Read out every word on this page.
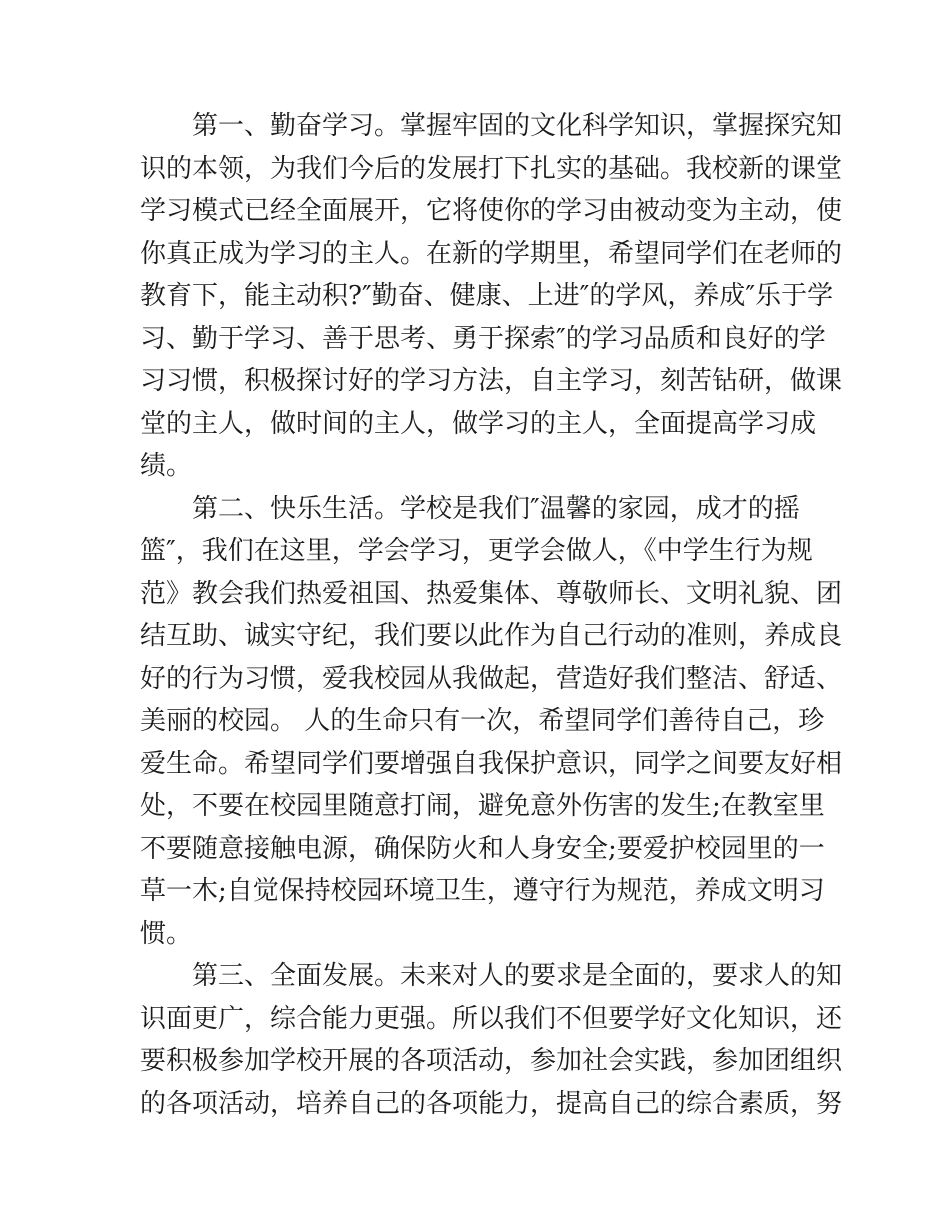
第一、勤奋学习。掌握牢固的文化科学知识，掌握探究知
识的本领，为我们今后的发展打下扎实的基础。我校新的课堂
学习模式已经全面展开，它将使你的学习由被动变为主动，使
你真正成为学习的主人。在新的学期里，希望同学们在老师的
教育下，能主动积?″勤奋、健康、上进″的学风，养成″乐于学
习、勤于学习、善于思考、勇于探索″的学习品质和良好的学
习习惯，积极探讨好的学习方法，自主学习，刻苦钻研，做课
堂的主人，做时间的主人，做学习的主人，全面提高学习成
绩。
第二、快乐生活。学校是我们″温馨的家园，成才的摇
篮″，我们在这里，学会学习，更学会做人，《中学生行为规
范》教会我们热爱祖国、热爱集体、尊敬师长、文明礼貌、团
结互助、诚实守纪，我们要以此作为自己行动的准则，养成良
好的行为习惯，爱我校园从我做起，营造好我们整洁、舒适、
美丽的校园。 人的生命只有一次，希望同学们善待自己，珍
爱生命。希望同学们要增强自我保护意识，同学之间要友好相
处，不要在校园里随意打闹，避免意外伤害的发生;在教室里
不要随意接触电源，确保防火和人身安全;要爱护校园里的一
草一木;自觉保持校园环境卫生，遵守行为规范，养成文明习
惯。
第三、全面发展。未来对人的要求是全面的，要求人的知
识面更广，综合能力更强。所以我们不但要学好文化知识，还
要积极参加学校开展的各项活动，参加社会实践，参加团组织
的各项活动，培养自己的各项能力，提高自己的综合素质，努
